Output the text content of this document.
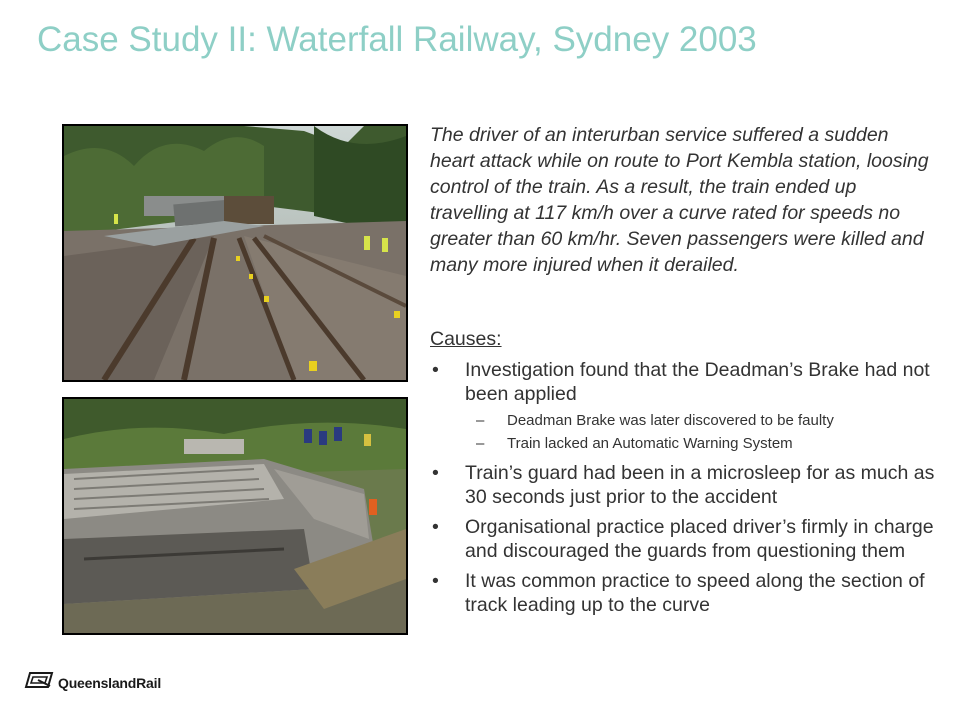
Case Study II: Waterfall Railway, Sydney 2003
The driver of an interurban service suffered a sudden heart attack while on route to Port Kembla station, loosing control of the train. As a result, the train ended up travelling at 117 km/h over a curve rated for speeds no greater than 60 km/hr. Seven passengers were killed and many more injured when it derailed.
Causes:
• Investigation found that the Deadman’s Brake had not been applied
– Deadman Brake was later discovered to be faulty
– Train lacked an Automatic Warning System
• Train’s guard had been in a microsleep for as much as 30 seconds just prior to the accident
• Organisational practice placed driver’s firmly in charge and discouraged the guards from questioning them
• It was common practice to speed along the section of track leading up to the curve
QueenslandRail
